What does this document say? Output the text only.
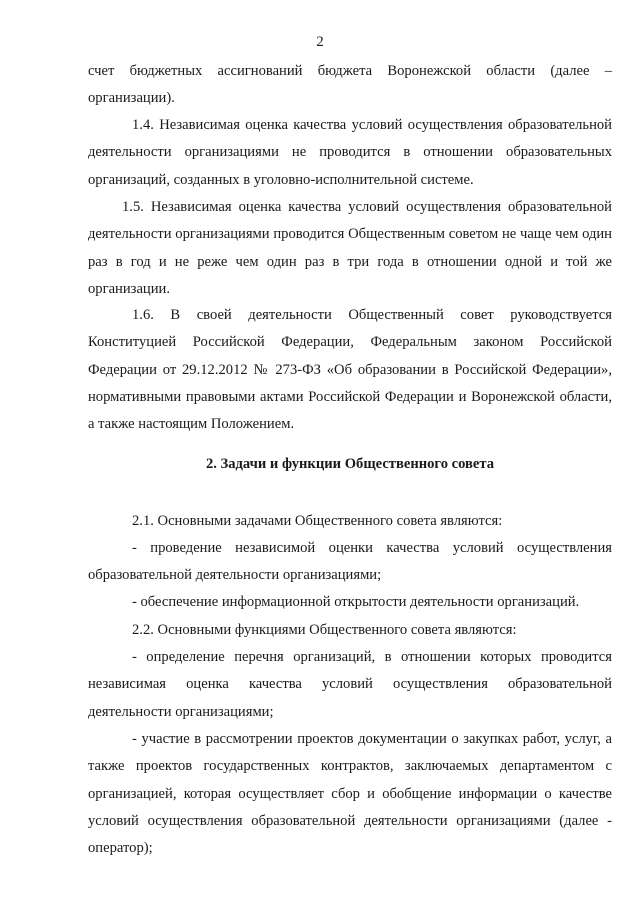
2

счет бюджетных ассигнований бюджета Воронежской области (далее – организации).

1.4. Независимая оценка качества условий осуществления образовательной деятельности организациями не проводится в отношении образовательных организаций, созданных в уголовно-исполнительной системе.

1.5. Независимая оценка качества условий осуществления образовательной деятельности организациями проводится Общественным советом не чаще чем один раз в год и не реже чем один раз в три года в отношении одной и той же организации.

1.6. В своей деятельности Общественный совет руководствуется Конституцией Российской Федерации, Федеральным законом Российской Федерации от 29.12.2012 № 273-ФЗ «Об образовании в Российской Федерации», нормативными правовыми актами Российской Федерации и Воронежской области, а также настоящим Положением.

2. Задачи и функции Общественного совета

2.1. Основными задачами Общественного совета являются:

- проведение независимой оценки качества условий осуществления образовательной деятельности организациями;

- обеспечение информационной открытости деятельности организаций.

2.2. Основными функциями Общественного совета являются:

- определение перечня организаций, в отношении которых проводится независимая оценка качества условий осуществления образовательной деятельности организациями;

- участие в рассмотрении проектов документации о закупках работ, услуг, а также проектов государственных контрактов, заключаемых департаментом с организацией, которая осуществляет сбор и обобщение информации о качестве условий осуществления образовательной деятельности организациями (далее - оператор);
